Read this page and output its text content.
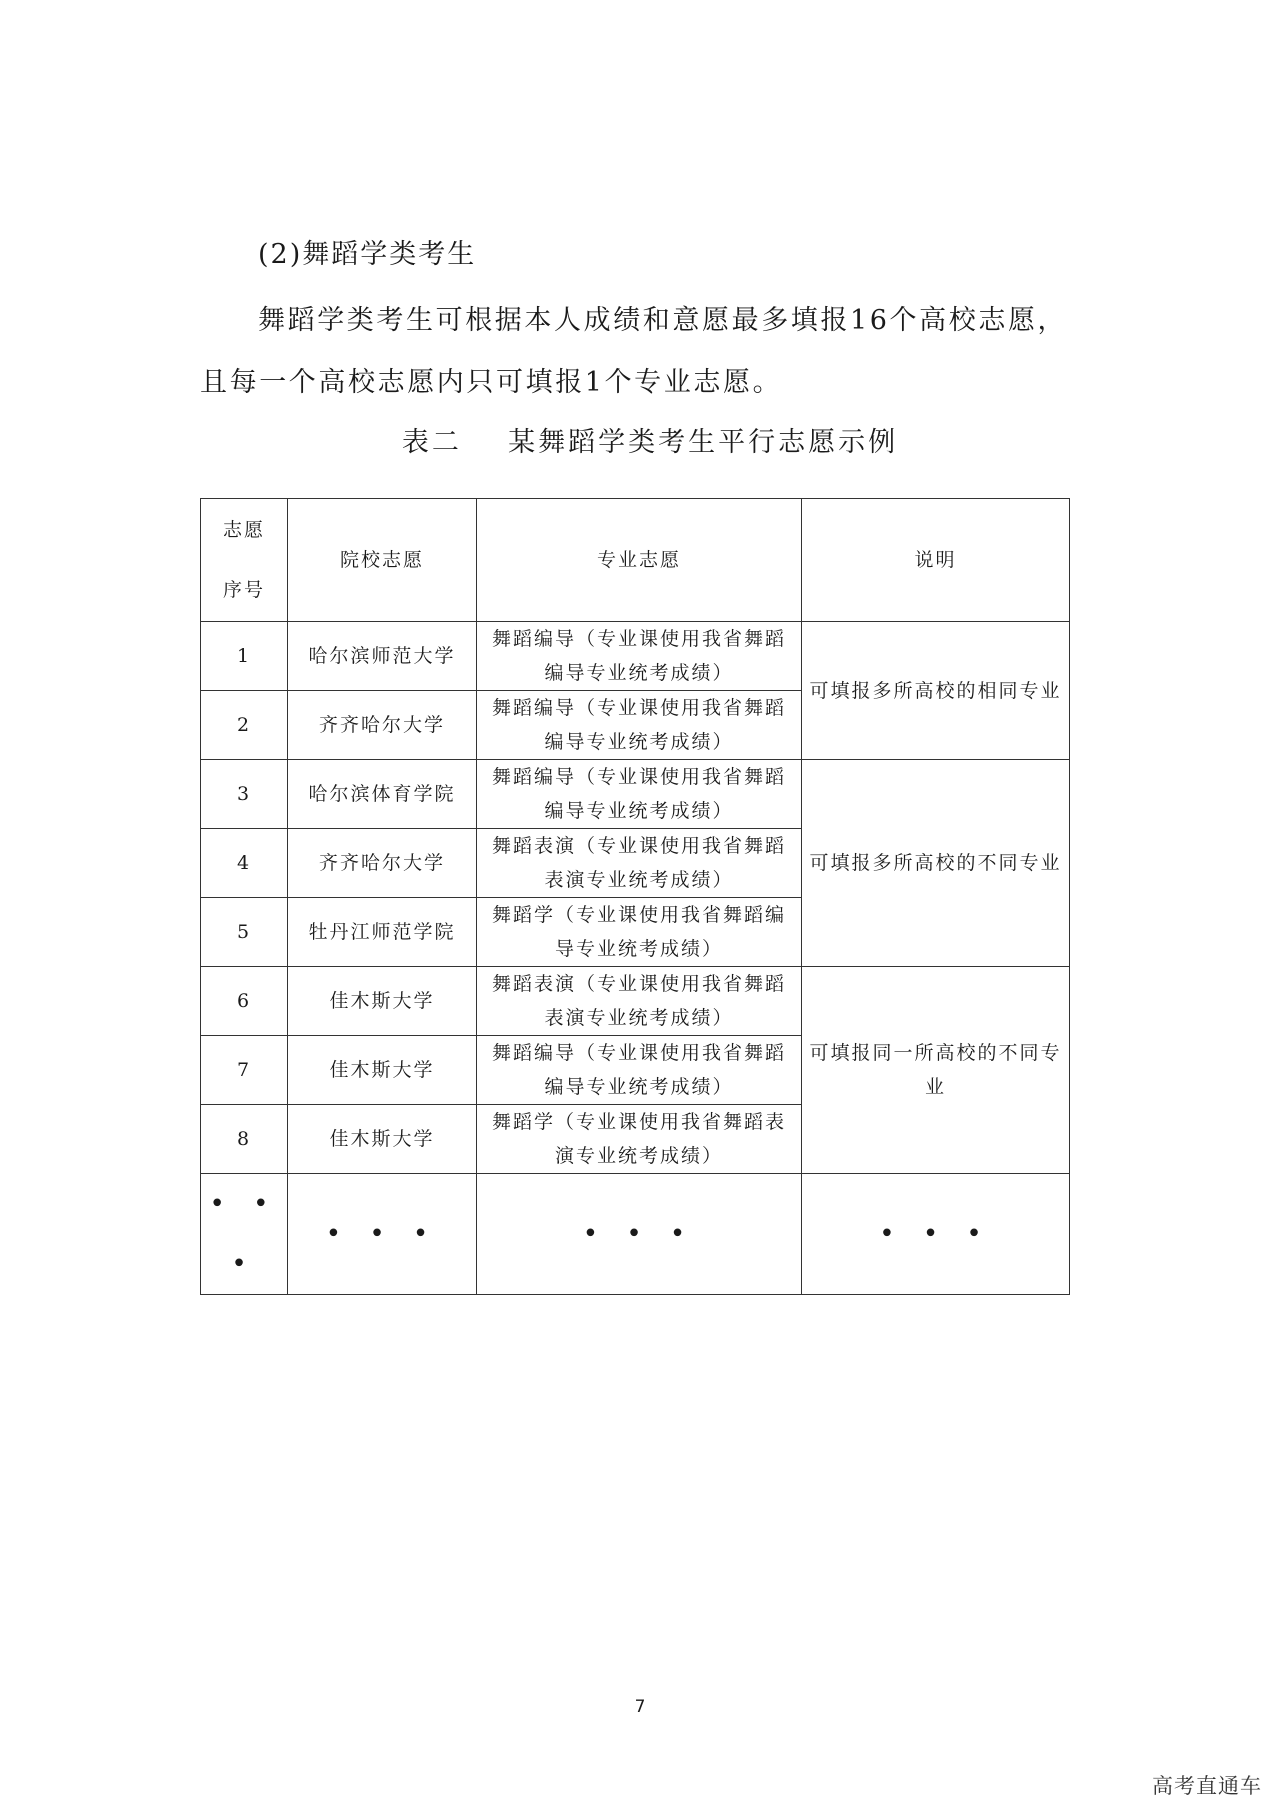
(2)舞蹈学类考生
舞蹈学类考生可根据本人成绩和意愿最多填报16个高校志愿，
且每一个高校志愿内只可填报1个专业志愿。
表二    某舞蹈学类考生平行志愿示例
志愿
序号	院校志愿	专业志愿	说明
1	哈尔滨师范大学	舞蹈编导（专业课使用我省舞蹈编导专业统考成绩）	可填报多所高校的相同专业
2	齐齐哈尔大学	舞蹈编导（专业课使用我省舞蹈编导专业统考成绩）	
3	哈尔滨体育学院	舞蹈编导（专业课使用我省舞蹈编导专业统考成绩）	可填报多所高校的不同专业
4	齐齐哈尔大学	舞蹈表演（专业课使用我省舞蹈表演专业统考成绩）	
5	牡丹江师范学院	舞蹈学（专业课使用我省舞蹈编导专业统考成绩）	
6	佳木斯大学	舞蹈表演（专业课使用我省舞蹈表演专业统考成绩）	可填报同一所高校的不同专业
7	佳木斯大学	舞蹈编导（专业课使用我省舞蹈编导专业统考成绩）	
8	佳木斯大学	舞蹈学（专业课使用我省舞蹈表演专业统考成绩）	
• • •	• • •	• • •	• • •
7
高考直通车
